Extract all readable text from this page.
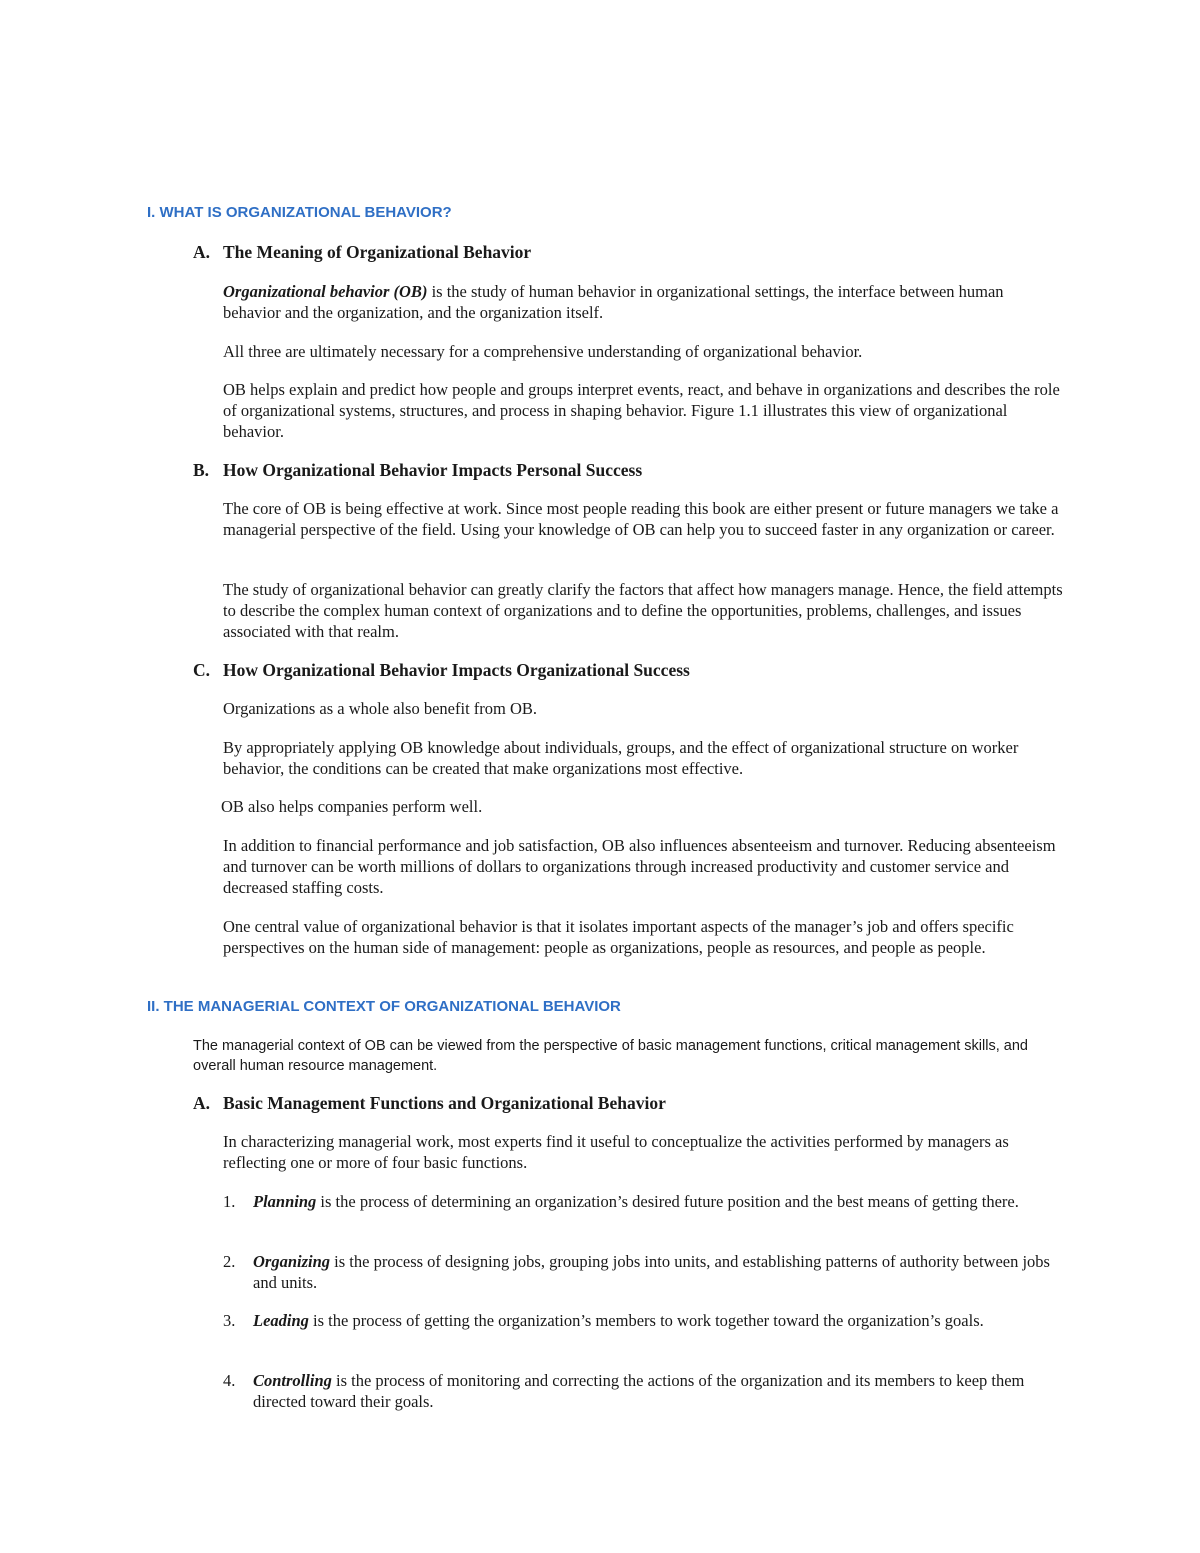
I. WHAT IS ORGANIZATIONAL BEHAVIOR?
A. The Meaning of Organizational Behavior

Organizational behavior (OB) is the study of human behavior in organizational settings, the interface between human behavior and the organization, and the organization itself.

All three are ultimately necessary for a comprehensive understanding of organizational behavior.

OB helps explain and predict how people and groups interpret events, react, and behave in organizations and describes the role of organizational systems, structures, and process in shaping behavior. Figure 1.1 illustrates this view of organizational behavior.

B. How Organizational Behavior Impacts Personal Success

The core of OB is being effective at work. Since most people reading this book are either present or future managers we take a managerial perspective of the field. Using your knowledge of OB can help you to succeed faster in any organization or career.

The study of organizational behavior can greatly clarify the factors that affect how managers manage. Hence, the field attempts to describe the complex human context of organizations and to define the opportunities, problems, challenges, and issues associated with that realm.

C. How Organizational Behavior Impacts Organizational Success

Organizations as a whole also benefit from OB.

By appropriately applying OB knowledge about individuals, groups, and the effect of organizational structure on worker behavior, the conditions can be created that make organizations most effective.

OB also helps companies perform well.

In addition to financial performance and job satisfaction, OB also influences absenteeism and turnover. Reducing absenteeism and turnover can be worth millions of dollars to organizations through increased productivity and customer service and decreased staffing costs.

One central value of organizational behavior is that it isolates important aspects of the manager’s job and offers specific perspectives on the human side of management: people as organizations, people as resources, and people as people.

II. THE MANAGERIAL CONTEXT OF ORGANIZATIONAL BEHAVIOR

The managerial context of OB can be viewed from the perspective of basic management functions, critical management skills, and overall human resource management.

A. Basic Management Functions and Organizational Behavior

In characterizing managerial work, most experts find it useful to conceptualize the activities performed by managers as reflecting one or more of four basic functions.

1. Planning is the process of determining an organization’s desired future position and the best means of getting there.
2. Organizing is the process of designing jobs, grouping jobs into units, and establishing patterns of authority between jobs and units.
3. Leading is the process of getting the organization’s members to work together toward the organization’s goals.
4. Controlling is the process of monitoring and correcting the actions of the organization and its members to keep them directed toward their goals.
